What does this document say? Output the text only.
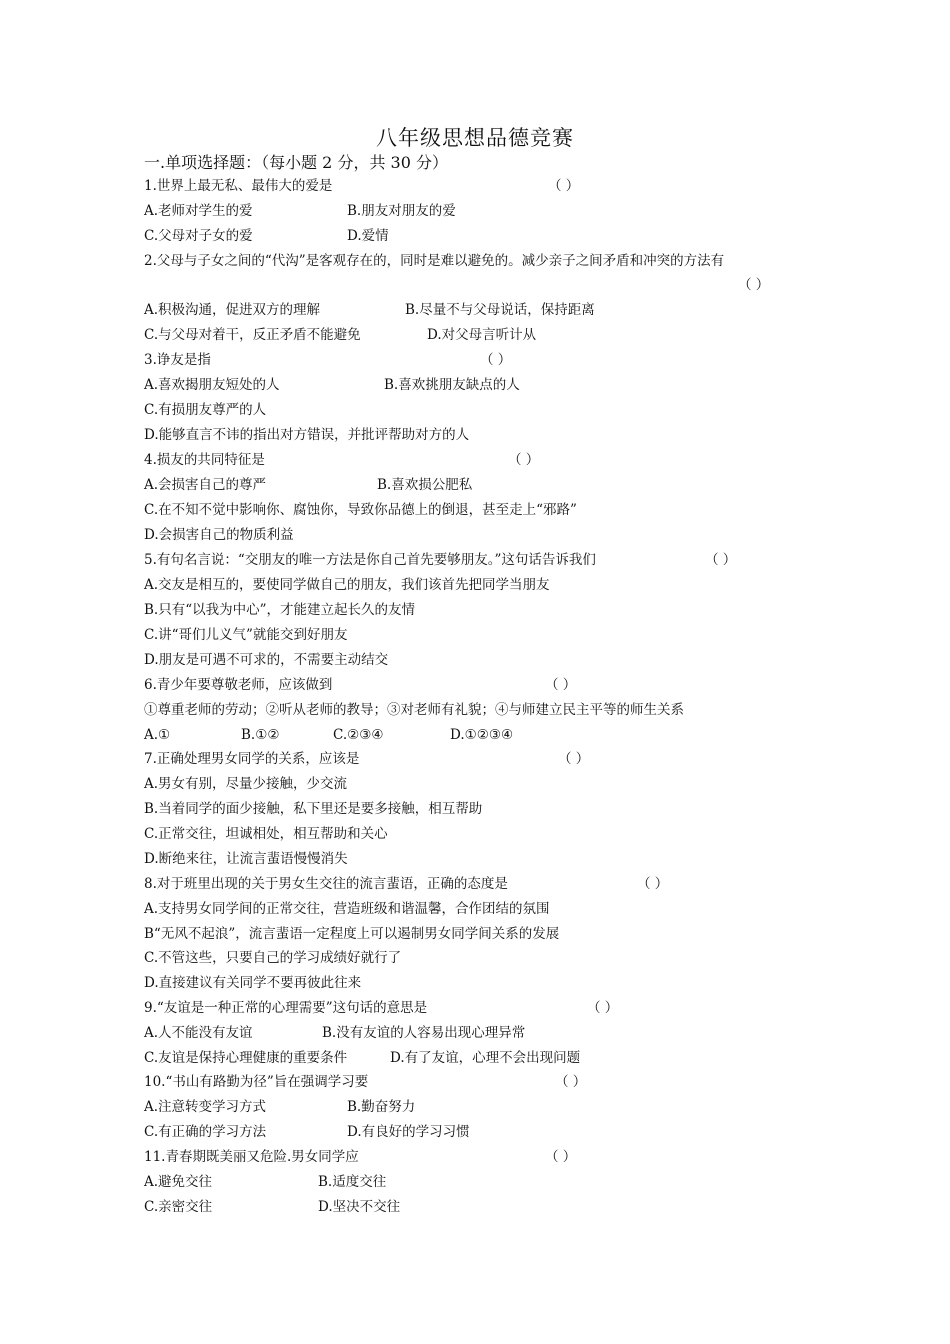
八年级思想品德竞赛
一.单项选择题：（每小题 2 分，共 30 分）
1.世界上最无私、最伟大的爱是	（ ）
A.老师对学生的爱	B.朋友对朋友的爱
C.父母对子女的爱	D.爱情
2.父母与子女之间的“代沟”是客观存在的，同时是难以避免的。减少亲子之间矛盾和冲突的方法有
（ ）
A.积极沟通，促进双方的理解	B.尽量不与父母说话，保持距离
C.与父母对着干，反正矛盾不能避免	D.对父母言听计从
3.诤友是指	（ ）
A.喜欢揭朋友短处的人	B.喜欢挑朋友缺点的人
C.有损朋友尊严的人
D.能够直言不讳的指出对方错误，并批评帮助对方的人
4.损友的共同特征是	（ ）
A.会损害自己的尊严	B.喜欢损公肥私
C.在不知不觉中影响你、腐蚀你，导致你品德上的倒退，甚至走上“邪路”
D.会损害自己的物质利益
5.有句名言说：“交朋友的唯一方法是你自己首先要够朋友。”这句话告诉我们	（ ）
A.交友是相互的，要使同学做自己的朋友，我们该首先把同学当朋友
B.只有“以我为中心”，才能建立起长久的友情
C.讲“哥们儿义气”就能交到好朋友
D.朋友是可遇不可求的，不需要主动结交
6.青少年要尊敬老师，应该做到	（ ）
①尊重老师的劳动；②听从老师的教导；③对老师有礼貌；④与师建立民主平等的师生关系
A.①	B.①②	C.②③④	D.①②③④
7.正确处理男女同学的关系，应该是	（ ）
A.男女有别，尽量少接触，少交流
B.当着同学的面少接触，私下里还是要多接触，相互帮助
C.正常交往，坦诚相处，相互帮助和关心
D.断绝来往，让流言蜚语慢慢消失
8.对于班里出现的关于男女生交往的流言蜚语，正确的态度是	（ ）
A.支持男女同学间的正常交往，营造班级和谐温馨，合作团结的氛围
B“无风不起浪”，流言蜚语一定程度上可以遏制男女同学间关系的发展
C.不管这些，只要自己的学习成绩好就行了
D.直接建议有关同学不要再彼此往来
9.“友谊是一种正常的心理需要”这句话的意思是	（ ）
A.人不能没有友谊	B.没有友谊的人容易出现心理异常
C.友谊是保持心理健康的重要条件	D.有了友谊，心理不会出现问题
10.“书山有路勤为径”旨在强调学习要	（ ）
A.注意转变学习方式	B.勤奋努力
C.有正确的学习方法	D.有良好的学习习惯
11.青春期既美丽又危险.男女同学应	（ ）
A.避免交往	B.适度交往
C.亲密交往	D.坚决不交往
